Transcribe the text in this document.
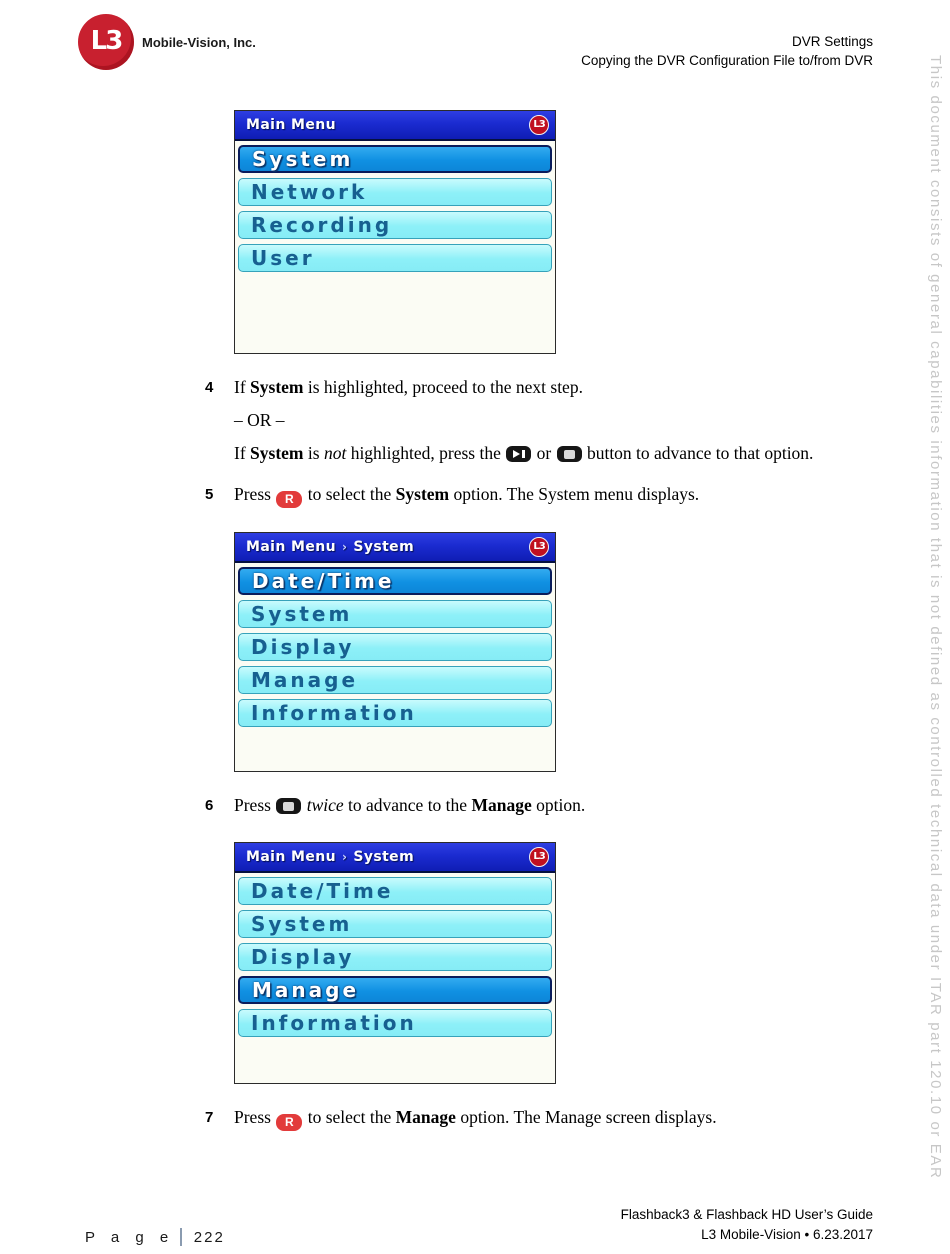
L3 Mobile-Vision, Inc.	DVR Settings
Copying the DVR Configuration File to/from DVR	This document consists of general capabilities information that is not defined as controlled technical data under ITAR part 120.10 or EAR
Main Menu	L3
System
Network
Recording
User
Main Menu › System	L3
Date/Time
System
Display
Manage
Information
Main Menu › System	L3
Date/Time
System
Display
Manage
Information
4	If System is highlighted, proceed to the next step.
– OR –
If System is not highlighted, press the
or
button to advance to that option.
5	Press R to select the System option. The System menu displays.
6	Press
twice to advance to the Manage option.
7	Press R to select the Manage option. The Manage screen displays.
P a g e 222
Flashback3 & Flashback HD User’s Guide
L3 Mobile-Vision • 6.23.2017
